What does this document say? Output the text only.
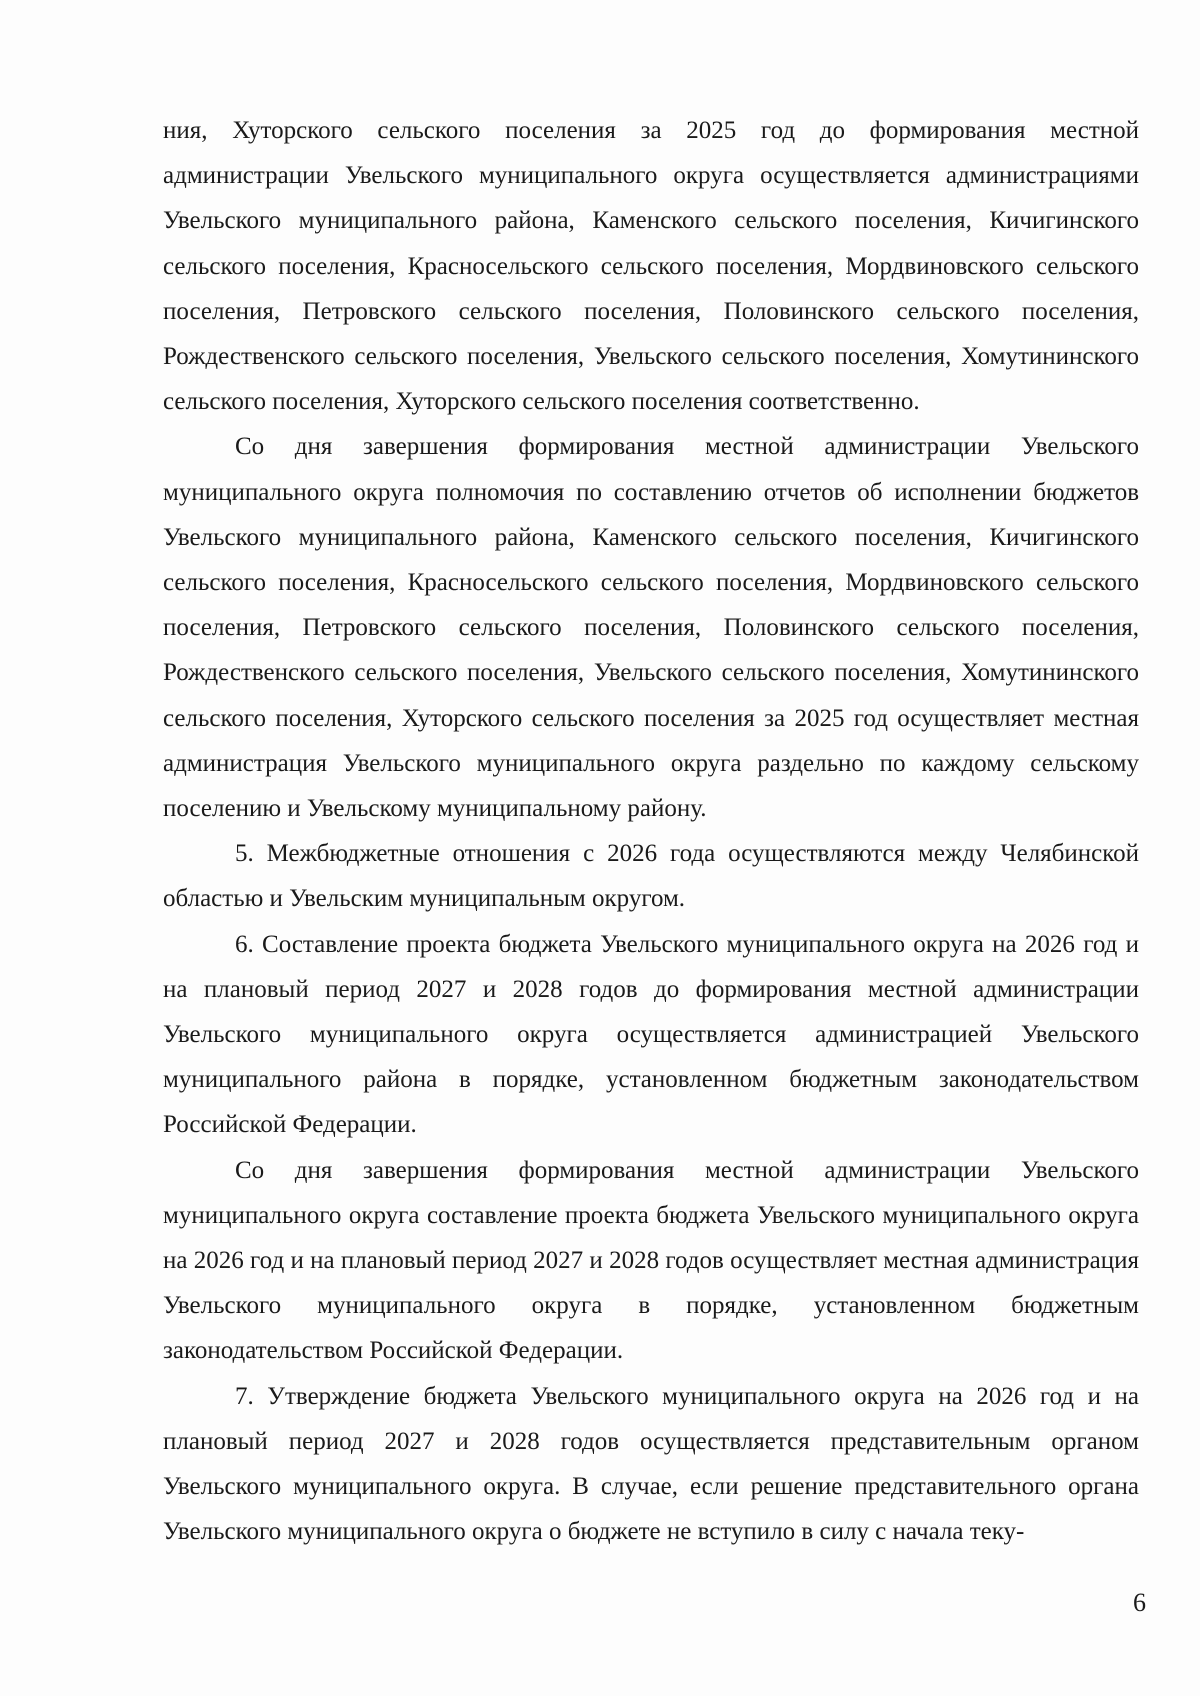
ния, Хуторского сельского поселения за 2025 год до формирования местной администрации Увельского муниципального округа осуществляется администрациями Увельского муниципального района, Каменского сельского поселения, Кичигинского сельского поселения, Красносельского сельского поселения, Мордвиновского сельского поселения, Петровского сельского поселения, Половинского сельского поселения, Рождественского сельского поселения, Увельского сельского поселения, Хомутининского сельского поселения, Хуторского сельского поселения соответственно.

Со дня завершения формирования местной администрации Увельского муниципального округа полномочия по составлению отчетов об исполнении бюджетов Увельского муниципального района, Каменского сельского поселения, Кичигинского сельского поселения, Красносельского сельского поселения, Мордвиновского сельского поселения, Петровского сельского поселения, Половинского сельского поселения, Рождественского сельского поселения, Увельского сельского поселения, Хомутининского сельского поселения, Хуторского сельского поселения за 2025 год осуществляет местная администрация Увельского муниципального округа раздельно по каждому сельскому поселению и Увельскому муниципальному району.

5. Межбюджетные отношения с 2026 года осуществляются между Челябинской областью и Увельским муниципальным округом.

6. Составление проекта бюджета Увельского муниципального округа на 2026 год и на плановый период 2027 и 2028 годов до формирования местной администрации Увельского муниципального округа осуществляется администрацией Увельского муниципального района в порядке, установленном бюджетным законодательством Российской Федерации.

Со дня завершения формирования местной администрации Увельского муниципального округа составление проекта бюджета Увельского муниципального округа на 2026 год и на плановый период 2027 и 2028 годов осуществляет местная администрация Увельского муниципального округа в порядке, установленном бюджетным законодательством Российской Федерации.

7. Утверждение бюджета Увельского муниципального округа на 2026 год и на плановый период 2027 и 2028 годов осуществляется представительным органом Увельского муниципального округа. В случае, если решение представительного органа Увельского муниципального округа о бюджете не вступило в силу с начала теку-

6
